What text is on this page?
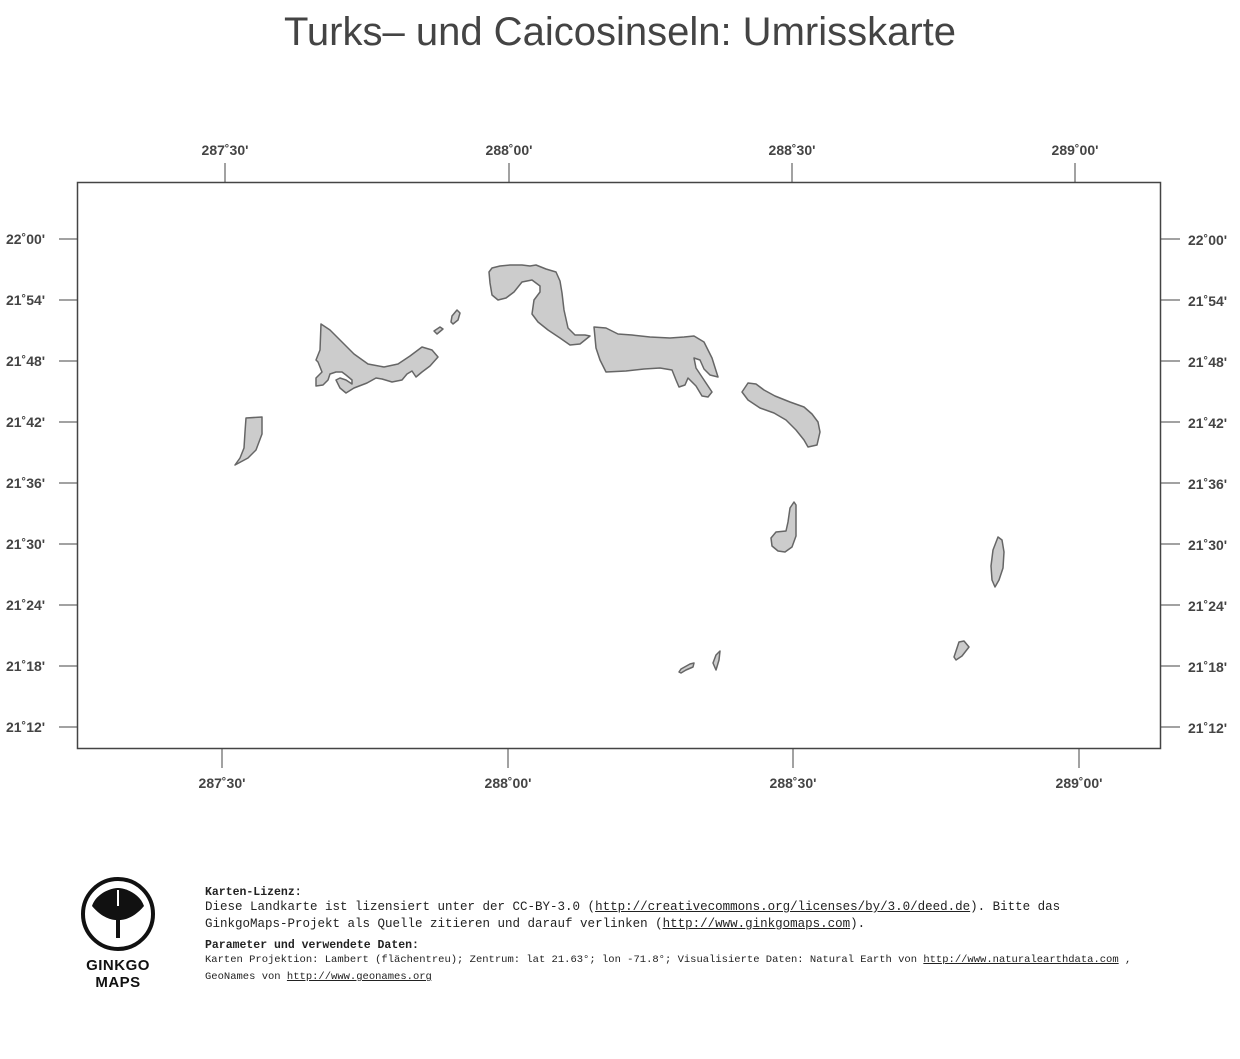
Turks– und Caicosinseln: Umrisskarte
287˚30'	288˚00'	288˚30'	289˚00'
287˚30'	288˚00'	288˚30'	289˚00'
22˚00'
21˚54'
21˚48'
21˚42'
21˚36'
21˚30'
21˚24'
21˚18'
21˚12'
22˚00'
21˚54'
21˚48'
21˚42'
21˚36'
21˚30'
21˚24'
21˚18'
21˚12'
GINKGO
MAPS
Karten-Lizenz:
Diese Landkarte ist lizensiert unter der CC-BY-3.0 (http://creativecommons.org/licenses/by/3.0/deed.de). Bitte das
GinkgoMaps-Projekt als Quelle zitieren und darauf verlinken (http://www.ginkgomaps.com).
Parameter und verwendete Daten:
Karten Projektion: Lambert (flächentreu); Zentrum: lat 21.63°; lon -71.8°; Visualisierte Daten: Natural Earth von http://www.naturalearthdata.com ,
GeoNames von http://www.geonames.org
